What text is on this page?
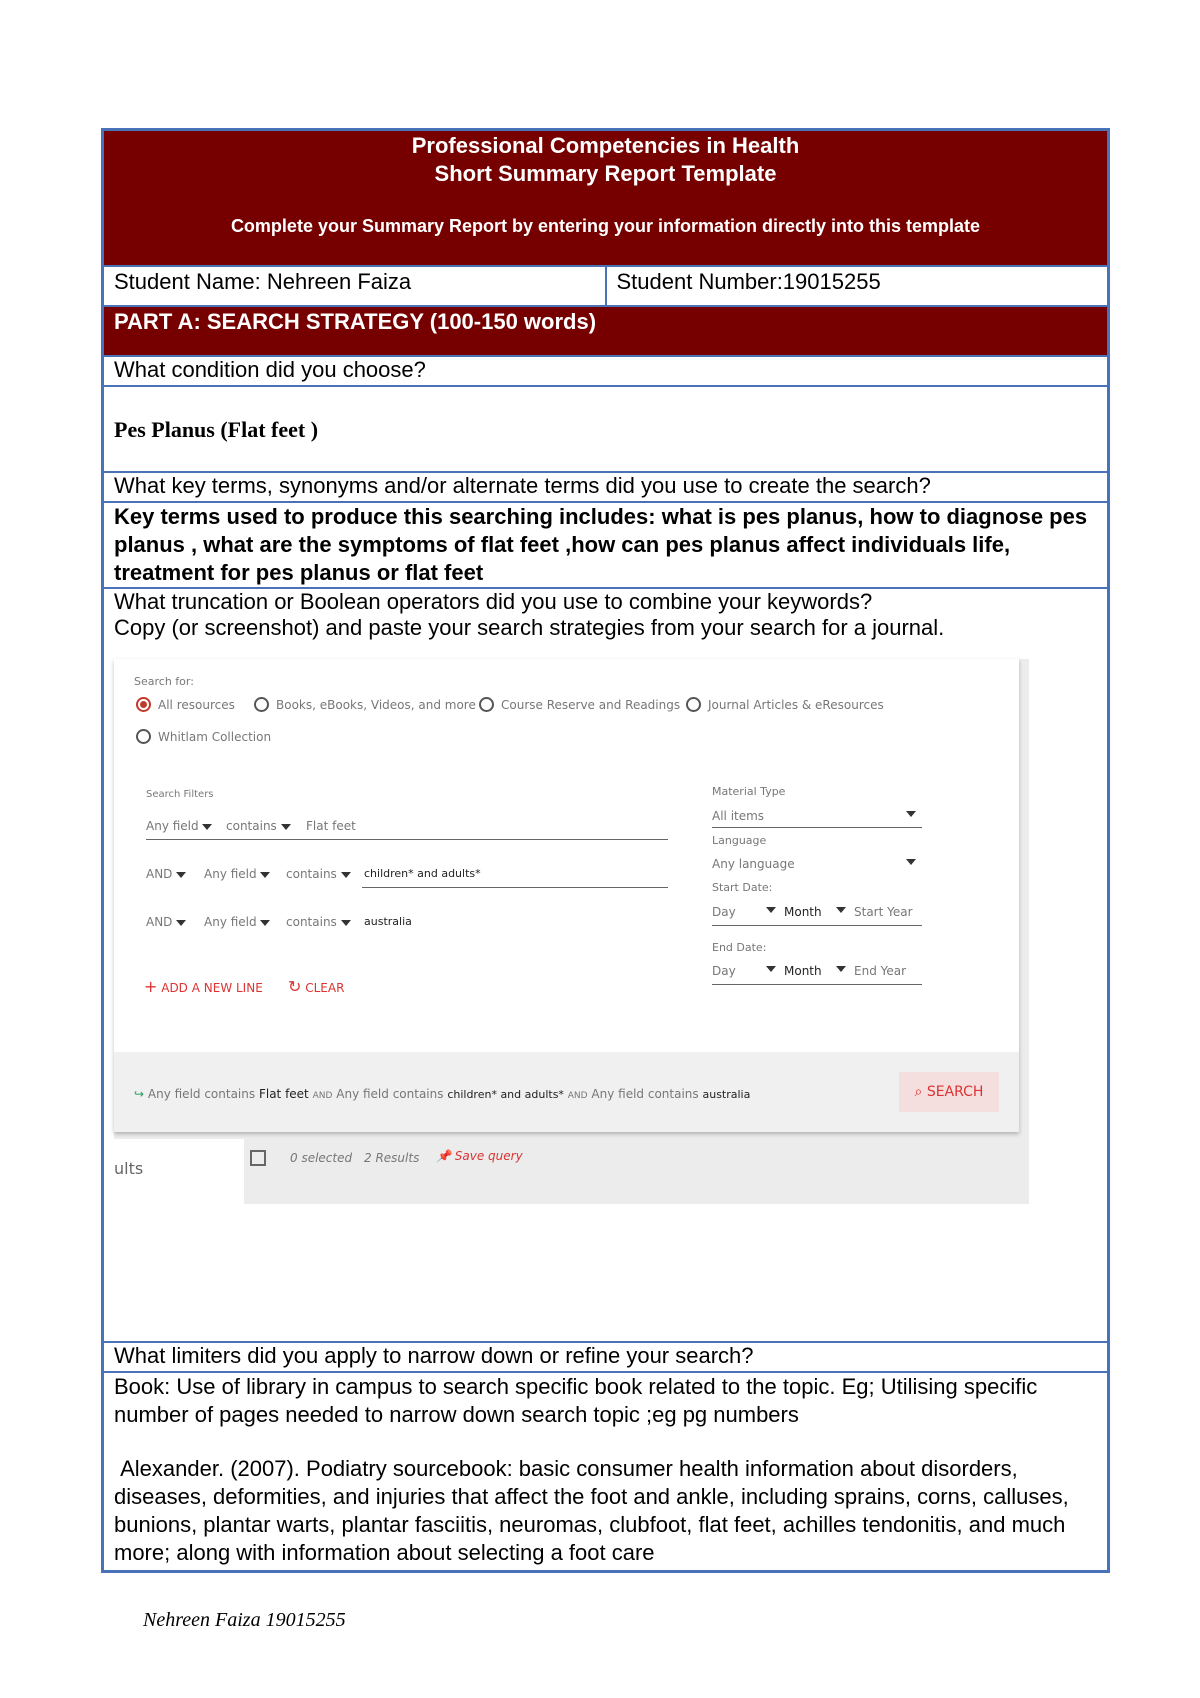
Professional Competencies in Health
Short Summary Report Template
Complete your Summary Report by entering your information directly into this template
Student Name: Nehreen Faiza	Student Number:19015255
PART A: SEARCH STRATEGY (100-150 words)
What condition did you choose?
Pes Planus (Flat feet )
What key terms, synonyms and/or alternate terms did you use to create the search?
Key terms used to produce this searching includes: what is pes planus, how to diagnose pes planus , what are the symptoms of flat feet ,how can pes planus affect individuals life, treatment for pes planus or flat feet
What truncation or Boolean operators did you use to combine your keywords?
Copy (or screenshot) and paste your search strategies from your search for a journal.
Search for:
All resources	Books, eBooks, Videos, and more Course Reserve and Readings Journal Articles & eResources
Whitlam Collection
Search Filters
Any field	contains	Flat feet
AND	Any field	contains	children* and adults*
AND	Any field	contains	australia
+ ADD A NEW LINE ↻ CLEAR
Material Type
All items
Language
Any language
Start Date:
Day	Month	Start Year
End Date:
Day	Month	End Year
↪ Any field contains Flat feet AND Any field contains children* and adults* AND Any field contains australia	⌕ SEARCH
ults
0 selected 2 Results 📌 Save query
What limiters did you apply to narrow down or refine your search?
Book: Use of library in campus to search specific book related to the topic. Eg; Utilising specific number of pages needed to narrow down search topic ;eg pg numbers
Alexander. (2007). Podiatry sourcebook: basic consumer health information about disorders, diseases, deformities, and injuries that affect the foot and ankle, including sprains, corns, calluses, bunions, plantar warts, plantar fasciitis, neuromas, clubfoot, flat feet, achilles tendonitis, and much more; along with information about selecting a foot care
Nehreen Faiza 19015255
